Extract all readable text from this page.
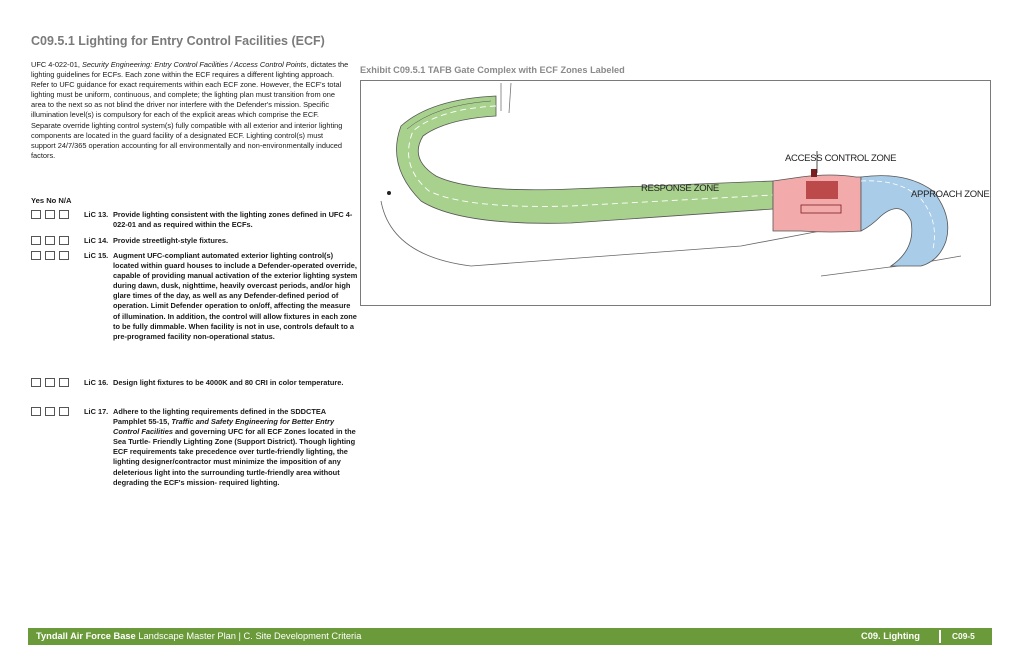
C09.5.1 Lighting for Entry Control Facilities (ECF)
UFC 4-022-01, Security Engineering: Entry Control Facilities / Access Control Points, dictates the lighting guidelines for ECFs. Each zone within the ECF requires a different lighting approach. Refer to UFC guidance for exact requirements within each ECF zone. However, the ECF's total lighting must be uniform, continuous, and complete; the lighting plan must transition from one area to the next so as not blind the driver nor interfere with the Defender's mission. Specific illumination level(s) is compulsory for each of the explicit areas which comprise the ECF. Separate override lighting control system(s) fully compatible with all exterior and interior lighting components are located in the guard facility of a designated ECF. Lighting control(s) must support 24/7/365 operation accounting for all environmentally and non-environmentally induced factors.
Yes No N/A
LiC 13. Provide lighting consistent with the lighting zones defined in UFC 4-022-01 and as required within the ECFs.
LiC 14. Provide streetlight-style fixtures.
LiC 15. Augment UFC-compliant automated exterior lighting control(s) located within guard houses to include a Defender-operated override, capable of providing manual activation of the exterior lighting system during dawn, dusk, nighttime, heavily overcast periods, and/or high glare times of the day, as well as any Defender-defined period of operation. Limit Defender operation to on/off, affecting the measure of illumination. In addition, the control will allow fixtures in each zone to be fully dimmable. When facility is not in use, controls default to a pre-programed facility non-operational status.
LiC 16. Design light fixtures to be 4000K and 80 CRI in color temperature.
LiC 17. Adhere to the lighting requirements defined in the SDDCTEA Pamphlet 55-15, Traffic and Safety Engineering for Better Entry Control Facilities and governing UFC for all ECF Zones located in the Sea Turtle- Friendly Lighting Zone (Support District). Though lighting ECF requirements take precedence over turtle-friendly lighting, the lighting designer/contractor must minimize the imposition of any deleterious light into the surrounding turtle-friendly area without degrading the ECF's mission- required lighting.
Exhibit C09.5.1 TAFB Gate Complex with ECF Zones Labeled
RESPONSE ZONE
ACCESS CONTROL ZONE
APPROACH ZONE
Tyndall Air Force Base Landscape Master Plan | C. Site Development Criteria	C09. Lighting	C09-5
